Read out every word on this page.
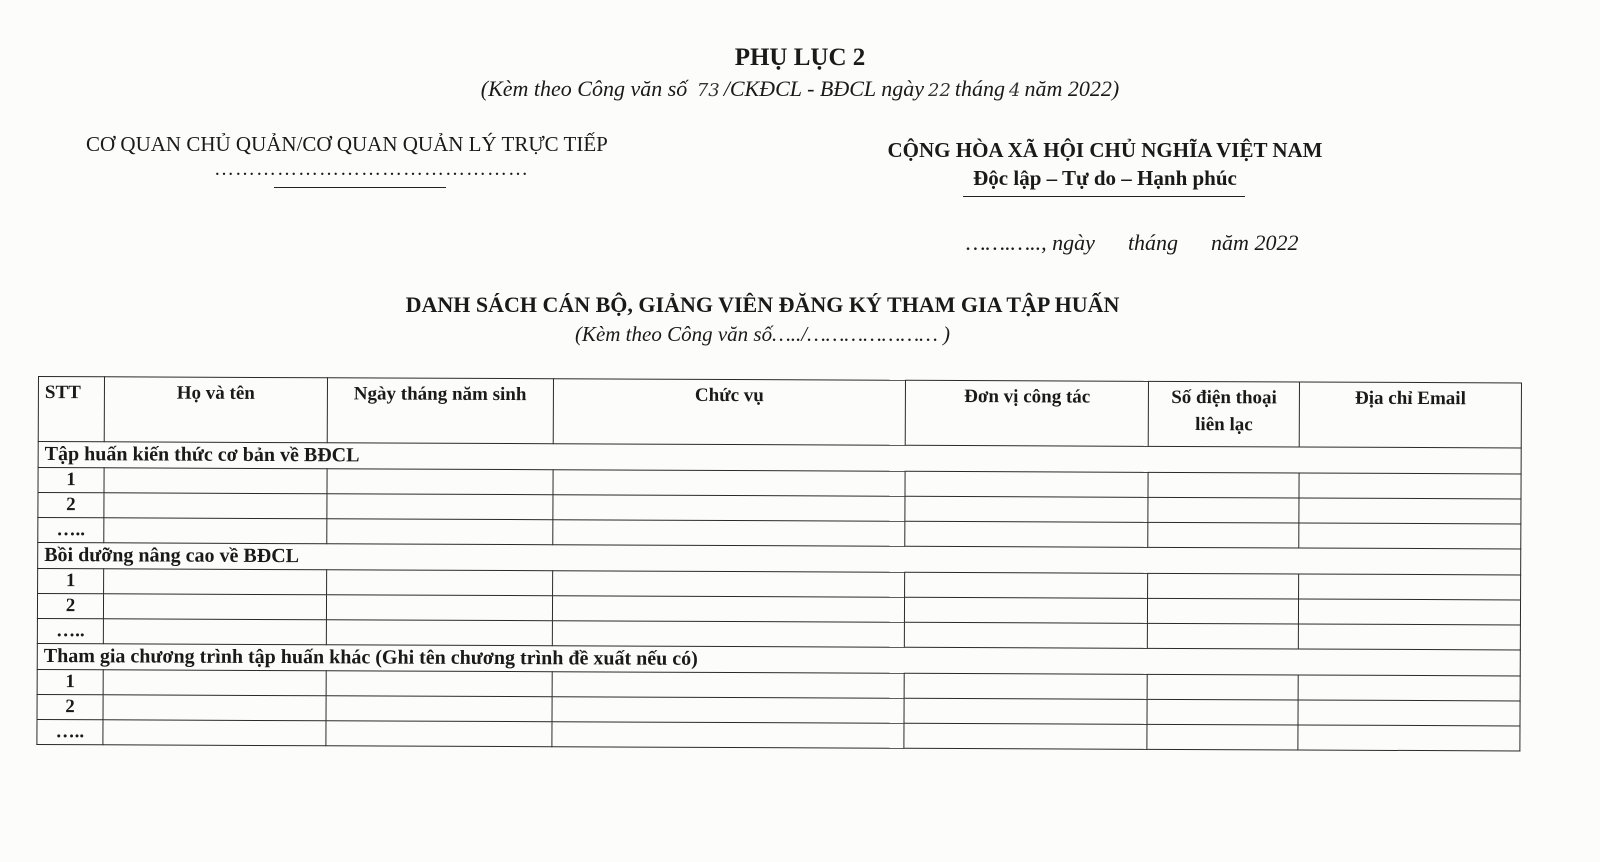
PHỤ LỤC 2
(Kèm theo Công văn số 73 /CKĐCL - BĐCL ngày 22 tháng 4 năm 2022)
CƠ QUAN CHỦ QUẢN/CƠ QUAN QUẢN LÝ TRỰC TIẾP
………………………………………
CỘNG HÒA XÃ HỘI CHỦ NGHĨA VIỆT NAM
Độc lập – Tự do – Hạnh phúc
…….….., ngày      tháng      năm 2022
DANH SÁCH CÁN BỘ, GIẢNG VIÊN ĐĂNG KÝ THAM GIA TẬP HUẤN
(Kèm theo Công văn số…../………………… )
STT	Họ và tên	Ngày tháng năm sinh	Chức vụ	Đơn vị công tác	Số điện thoại liên lạc	Địa chỉ Email
Tập huấn kiến thức cơ bản về BĐCL						
1						
2						
…..						
Bồi dưỡng nâng cao về BĐCL						
1						
2						
…..						
Tham gia chương trình tập huấn khác (Ghi tên chương trình đề xuất nếu có)						
1						
2						
…..						
